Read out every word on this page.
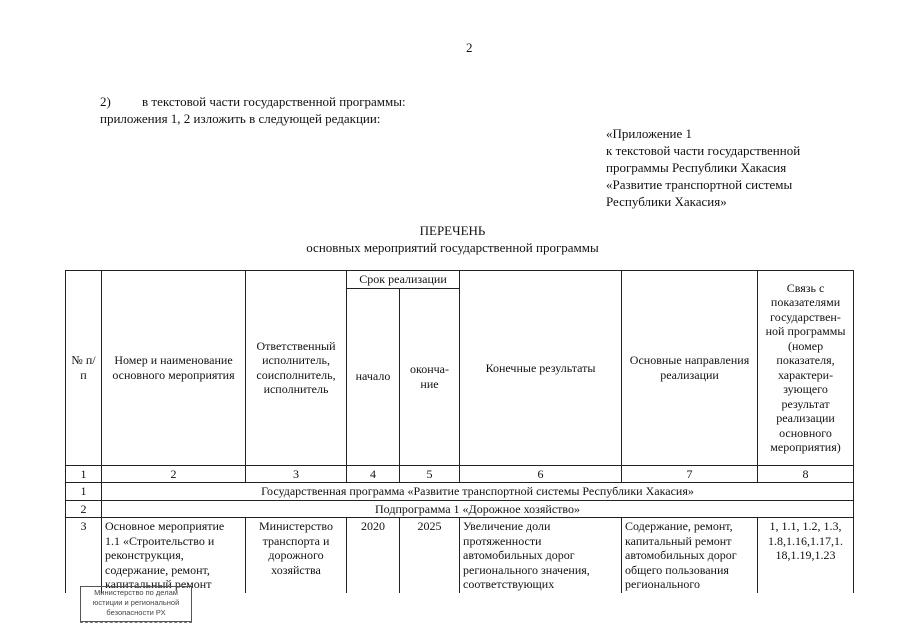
2
2) в текстовой части государственной программы:
приложения 1, 2 изложить в следующей редакции:
«Приложение 1
к текстовой части государственной
программы Республики Хакасия
«Развитие транспортной системы
Республики Хакасия»
ПЕРЕЧЕНЬ
основных мероприятий государственной программы
№ п/п	Номер и наименование основного мероприятия	Ответственный исполнитель, соисполнитель, исполнитель	Срок реализации		Конечные результаты	Основные направления реализации	Связь с показателями государствен-ной программы (номер показателя, характери-зующего результат реализации основного мероприятия)
			начало	оконча-ние			
1	2	3	4	5	6	7	8
1	Государственная программа «Развитие транспортной системы Республики Хакасия»						
2	Подпрограмма 1 «Дорожное хозяйство»						
3	Основное мероприятие 1.1 «Строительство и реконструкция, содержание, ремонт, капитальный ремонт	Министерство транспорта и дорожного хозяйства	2020	2025	Увеличение доли протяженности автомобильных дорог регионального значения, соответствующих	Содержание, ремонт, капитальный ремонт автомобильных дорог общего пользования регионального	1, 1.1, 1.2, 1.3, 1.8,1.16,1.17,1. 18,1.19,1.23
Министерство по делам
юстиции и региональной
безопасности РХ
